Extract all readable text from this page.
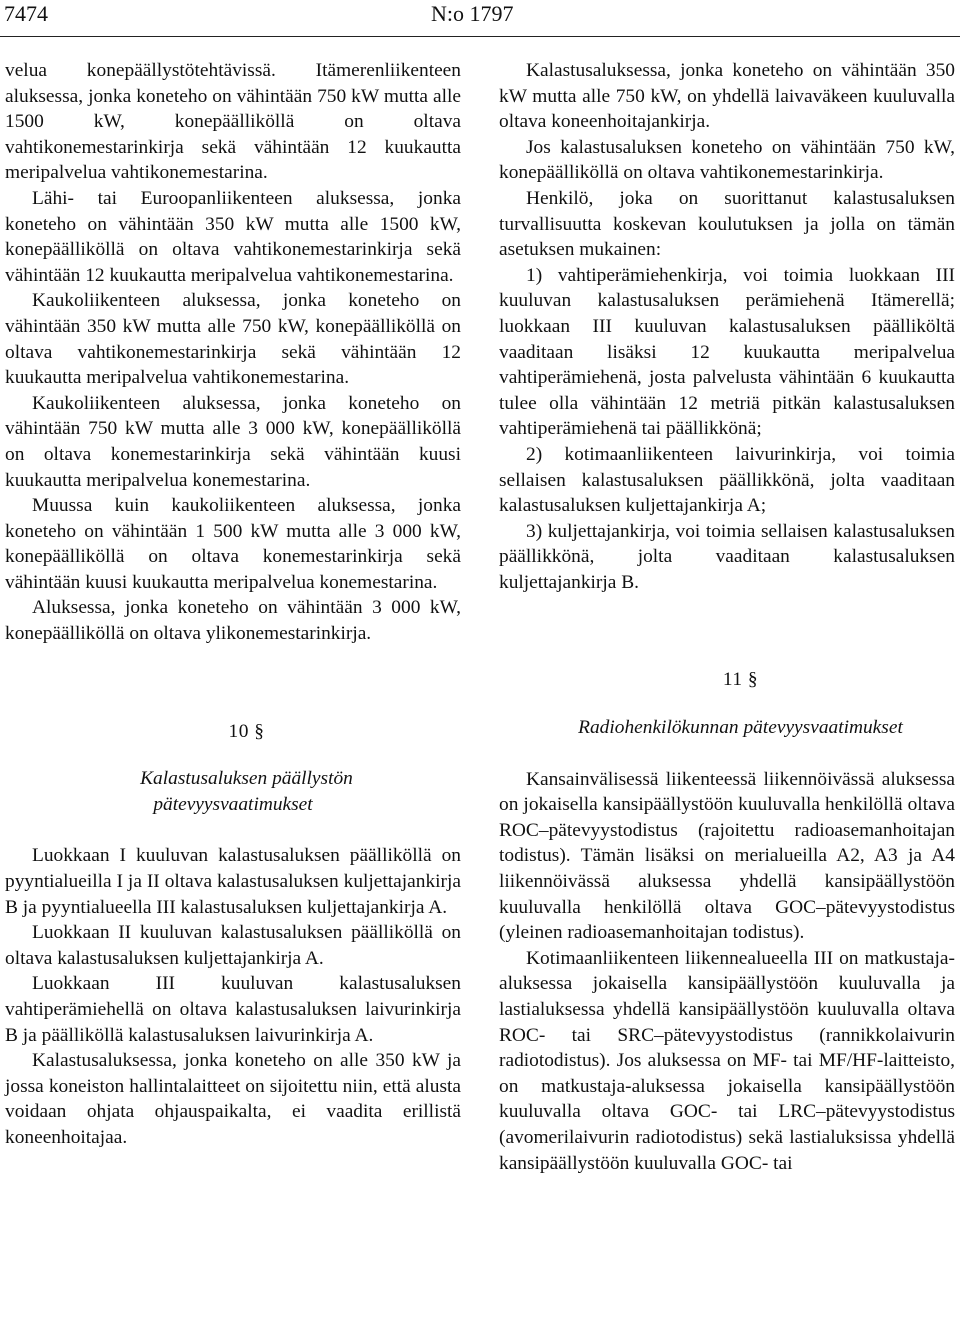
7474	N:o 1797

velua konepäällystötehtävissä. Itämerenliikenteen aluksessa, jonka koneteho on vähintään 750 kW mutta alle 1500 kW, konepäälliköllä on oltava vahtikonemestarinkirja sekä vähintään 12 kuukautta meripalvelua vahtikonemestarina.

Lähi- tai Euroopanliikenteen aluksessa, jonka koneteho on vähintään 350 kW mutta alle 1500 kW, konepäälliköllä on oltava vahtikonemestarinkirja sekä vähintään 12 kuukautta meripalvelua vahtikonemestarina.

Kaukoliikenteen aluksessa, jonka koneteho on vähintään 350 kW mutta alle 750 kW, konepäälliköllä on oltava vahtikonemestarinkirja sekä vähintään 12 kuukautta meripalvelua vahtikonemestarina.

Kaukoliikenteen aluksessa, jonka koneteho on vähintään 750 kW mutta alle 3 000 kW, konepäälliköllä on oltava konemestarinkirja sekä vähintään kuusi kuukautta meripalvelua konemestarina.

Muussa kuin kaukoliikenteen aluksessa, jonka koneteho on vähintään 1 500 kW mutta alle 3 000 kW, konepäälliköllä on oltava konemestarinkirja sekä vähintään kuusi kuukautta meripalvelua konemestarina.

Aluksessa, jonka koneteho on vähintään 3 000 kW, konepäälliköllä on oltava ylikonemestarinkirja.

10 §

Kalastusaluksen päällystön pätevyysvaatimukset

Luokkaan I kuuluvan kalastusaluksen päälliköllä on pyyntialueilla I ja II oltava kalastusaluksen kuljettajankirja B ja pyyntialueella III kalastusaluksen kuljettajankirja A.

Luokkaan II kuuluvan kalastusaluksen päälliköllä on oltava kalastusaluksen kuljettajankirja A.

Luokkaan III kuuluvan kalastusaluksen vahtiperämiehellä on oltava kalastusaluksen laivurinkirja B ja päälliköllä kalastusaluksen laivurinkirja A.

Kalastusaluksessa, jonka koneteho on alle 350 kW ja jossa koneiston hallintalaitteet on sijoitettu niin, että alusta voidaan ohjata ohjauspaikalta, ei vaadita erillistä koneenhoitajaa.

Kalastusaluksessa, jonka koneteho on vähintään 350 kW mutta alle 750 kW, on yhdellä laivaväkeen kuuluvalla oltava koneenhoitajankirja.

Jos kalastusaluksen koneteho on vähintään 750 kW, konepäälliköllä on oltava vahtikonemestarinkirja.

Henkilö, joka on suorittanut kalastusaluksen turvallisuutta koskevan koulutuksen ja jolla on tämän asetuksen mukainen:

1) vahtiperämiehenkirja, voi toimia luokkaan III kuuluvan kalastusaluksen perämiehenä Itämerellä; luokkaan III kuuluvan kalastusaluksen päälliköltä vaaditaan lisäksi 12 kuukautta meripalvelua vahtiperämiehenä, josta palvelusta vähintään 6 kuukautta tulee olla vähintään 12 metriä pitkän kalastusaluksen vahtiperämiehenä tai päällikkönä;

2) kotimaanliikenteen laivurinkirja, voi toimia sellaisen kalastusaluksen päällikkönä, jolta vaaditaan kalastusaluksen kuljettajankirja A;

3) kuljettajankirja, voi toimia sellaisen kalastusaluksen päällikkönä, jolta vaaditaan kalastusaluksen kuljettajankirja B.

11 §

Radiohenkilökunnan pätevyysvaatimukset

Kansainvälisessä liikenteessä liikennöivässä aluksessa on jokaisella kansipäällystöön kuuluvalla henkilöllä oltava ROC–pätevyystodistus (rajoitettu radioasemanhoitajan todistus). Tämän lisäksi on merialueilla A2, A3 ja A4 liikennöivässä aluksessa yhdellä kansipäällystöön kuuluvalla henkilöllä oltava GOC–pätevyystodistus (yleinen radioasemanhoitajan todistus).

Kotimaanliikenteen liikennealueella III on matkustaja-aluksessa jokaisella kansipäällystöön kuuluvalla ja lastialuksessa yhdellä kansipäällystöön kuuluvalla oltava ROC- tai SRC–pätevyystodistus (rannikkolaivurin radiotodistus). Jos aluksessa on MF- tai MF/HF-laitteisto, on matkustaja-aluksessa jokaisella kansipäällystöön kuuluvalla oltava GOC- tai LRC–pätevyystodistus (avomerilaivurin radiotodistus) sekä lastialuksissa yhdellä kansipäällystöön kuuluvalla GOC- tai
